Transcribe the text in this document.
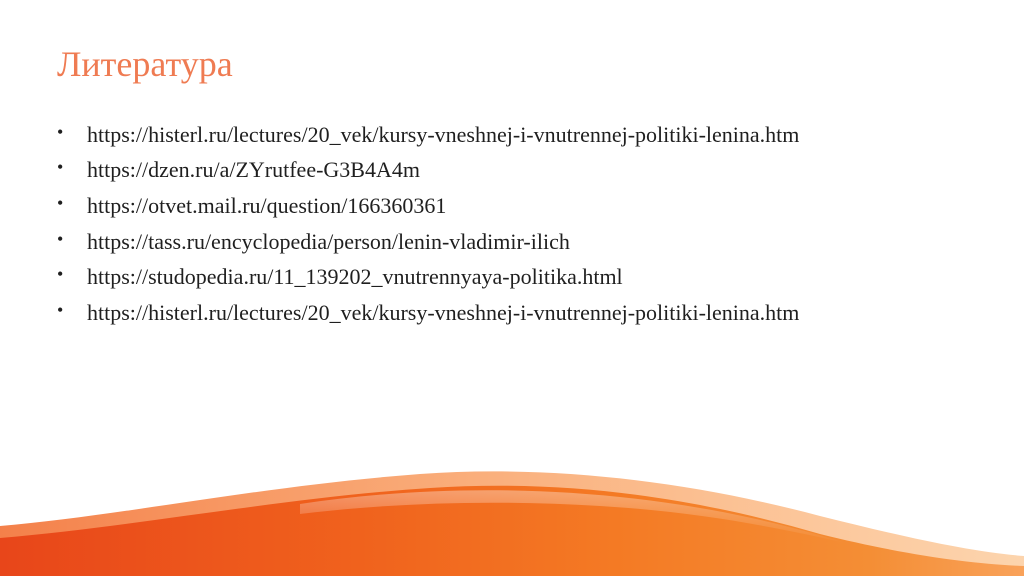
Литература
•	https://histerl.ru/lectures/20_vek/kursy-vneshnej-i-vnutrennej-politiki-lenina.htm
•	https://dzen.ru/a/ZYrutfee-G3B4A4m
•	https://otvet.mail.ru/question/166360361
•	https://tass.ru/encyclopedia/person/lenin-vladimir-ilich
•	https://studopedia.ru/11_139202_vnutrennyaya-politika.html
•	https://histerl.ru/lectures/20_vek/kursy-vneshnej-i-vnutrennej-politiki-lenina.htm
